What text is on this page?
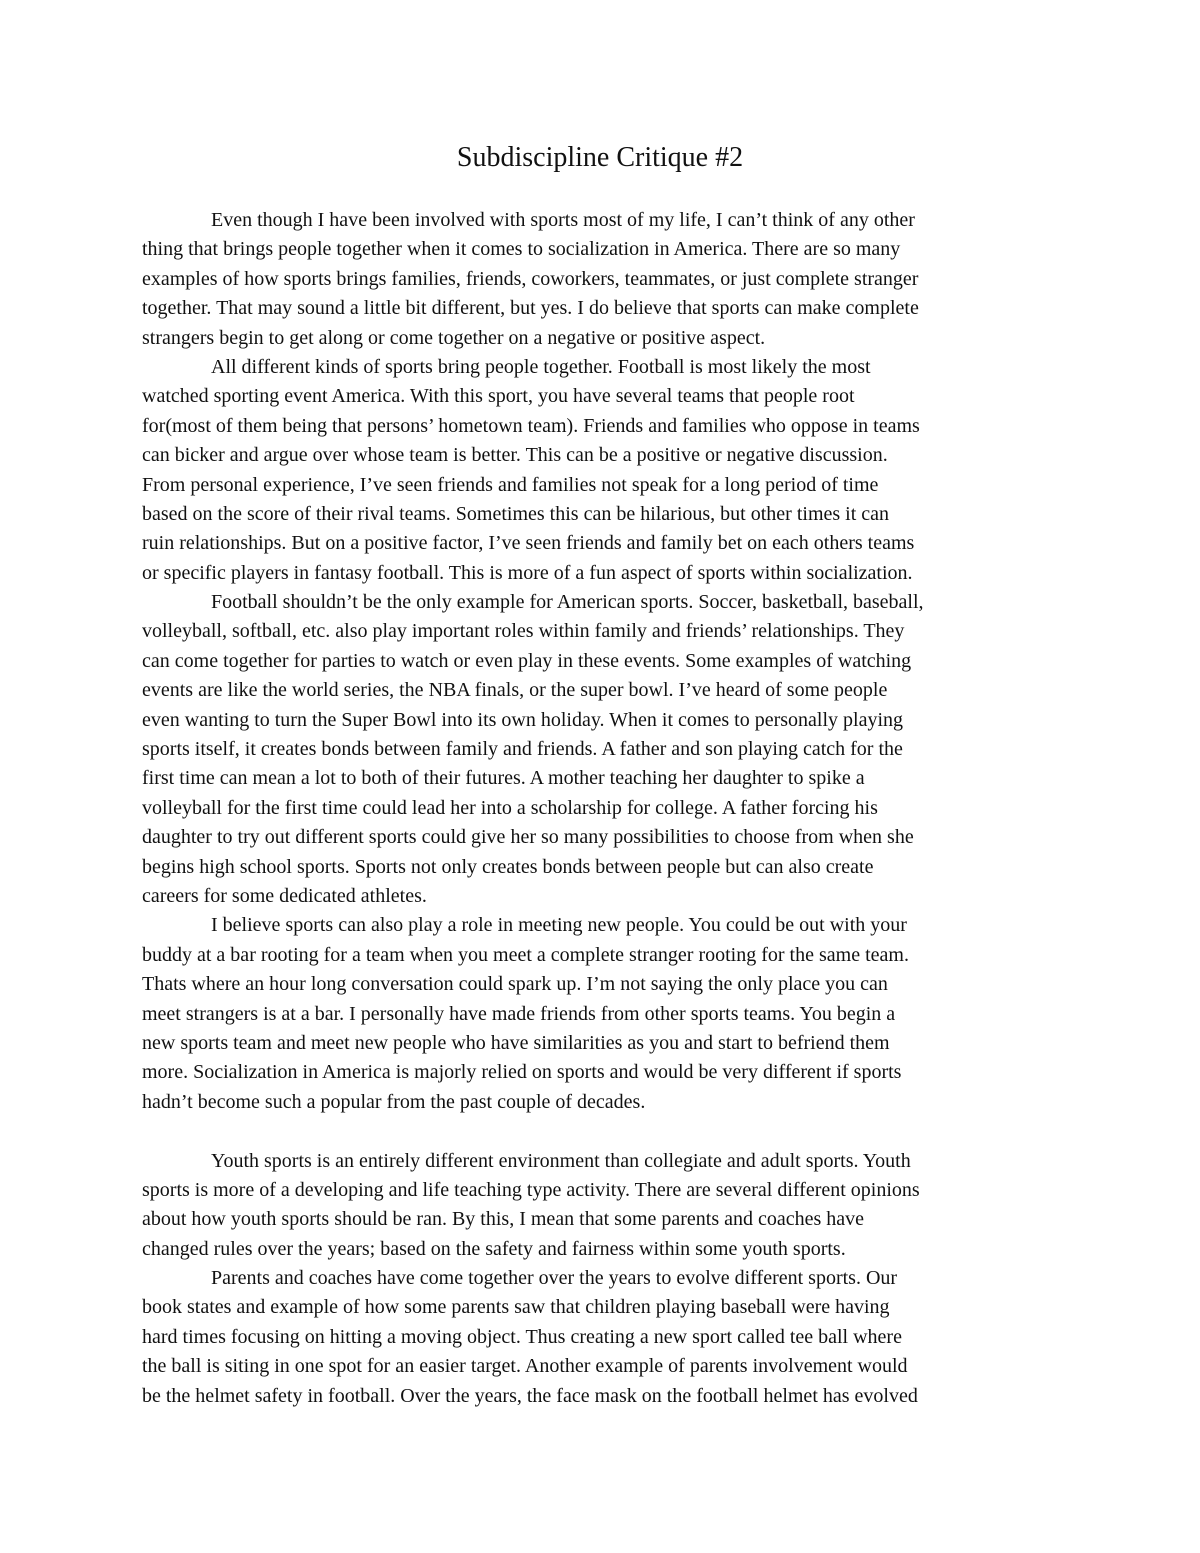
Subdiscipline Critique #2
Even though I have been involved with sports most of my life, I can’t think of any other
thing that brings people together when it comes to socialization in America. There are so many
examples of how sports brings families, friends, coworkers, teammates, or just complete stranger
together. That may sound a little bit different, but yes. I do believe that sports can make complete
strangers begin to get along or come together on a negative or positive aspect.
All different kinds of sports bring people together. Football is most likely the most
watched sporting event America. With this sport, you have several teams that people root
for(most of them being that persons’ hometown team). Friends and families who oppose in teams
can bicker and argue over whose team is better. This can be a positive or negative discussion.
From personal experience, I’ve seen friends and families not speak for a long period of time
based on the score of their rival teams. Sometimes this can be hilarious, but other times it can
ruin relationships. But on a positive factor, I’ve seen friends and family bet on each others teams
or specific players in fantasy football. This is more of a fun aspect of sports within socialization.
Football shouldn’t be the only example for American sports. Soccer, basketball, baseball,
volleyball, softball, etc. also play important roles within family and friends’ relationships. They
can come together for parties to watch or even play in these events. Some examples of watching
events are like the world series, the NBA finals, or the super bowl. I’ve heard of some people
even wanting to turn the Super Bowl into its own holiday. When it comes to personally playing
sports itself, it creates bonds between family and friends. A father and son playing catch for the
first time can mean a lot to both of their futures. A mother teaching her daughter to spike a
volleyball for the first time could lead her into a scholarship for college. A father forcing his
daughter to try out different sports could give her so many possibilities to choose from when she
begins high school sports. Sports not only creates bonds between people but can also create
careers for some dedicated athletes.
I believe sports can also play a role in meeting new people. You could be out with your
buddy at a bar rooting for a team when you meet a complete stranger rooting for the same team.
Thats where an hour long conversation could spark up. I’m not saying the only place you can
meet strangers is at a bar. I personally have made friends from other sports teams. You begin a
new sports team and meet new people who have similarities as you and start to befriend them
more. Socialization in America is majorly relied on sports and would be very different if sports
hadn’t become such a popular from the past couple of decades.
Youth sports is an entirely different environment than collegiate and adult sports. Youth
sports is more of a developing and life teaching type activity. There are several different opinions
about how youth sports should be ran. By this, I mean that some parents and coaches have
changed rules over the years; based on the safety and fairness within some youth sports.
Parents and coaches have come together over the years to evolve different sports. Our
book states and example of how some parents saw that children playing baseball were having
hard times focusing on hitting a moving object. Thus creating a new sport called tee ball where
the ball is siting in one spot for an easier target. Another example of parents involvement would
be the helmet safety in football. Over the years, the face mask on the football helmet has evolved
